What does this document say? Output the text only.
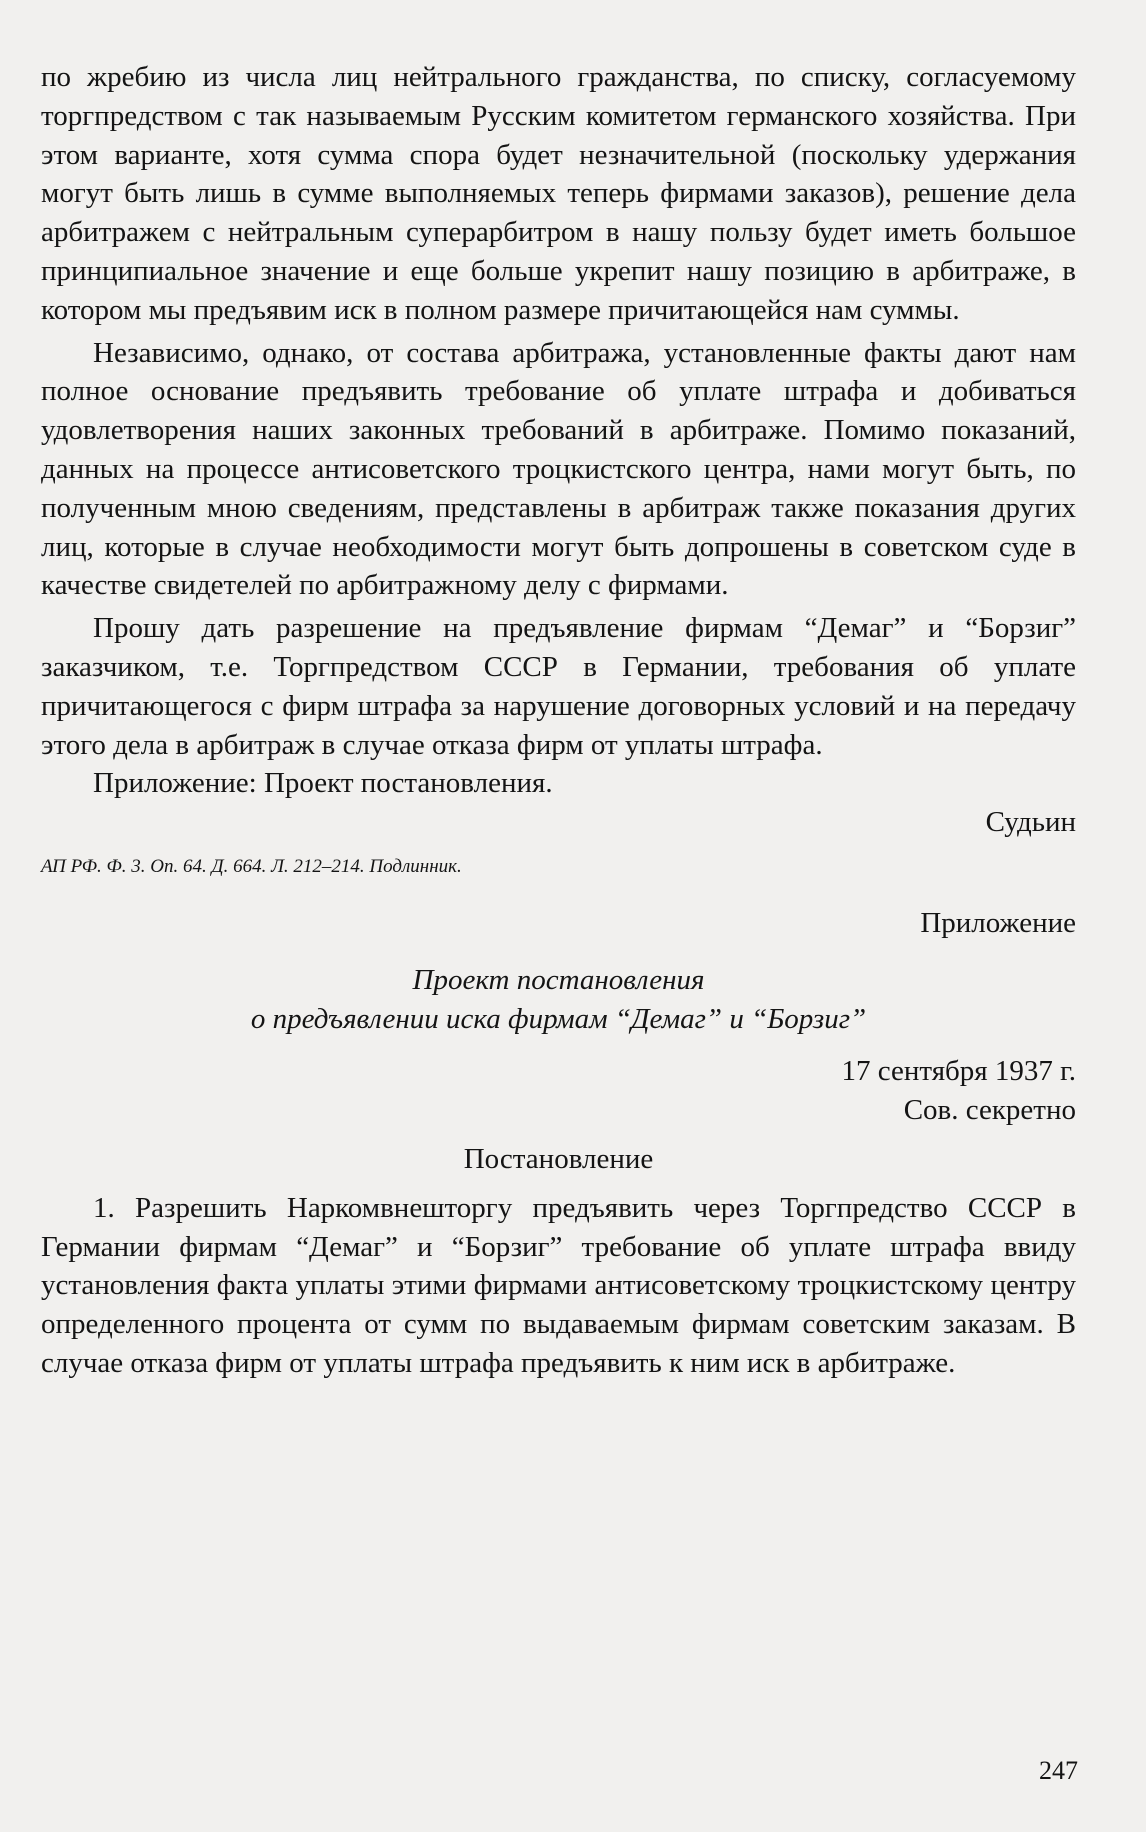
по жребию из числа лиц нейтрального гражданства, по списку, согласуемому торгпредством с так называемым Русским комитетом германского хозяйства. При этом варианте, хотя сумма спора будет незначительной (поскольку удержания могут быть лишь в сумме выполняемых теперь фирмами заказов), решение дела арбитражем с нейтральным суперарбитром в нашу пользу будет иметь большое принципиальное значение и еще больше укрепит нашу позицию в арбитраже, в котором мы предъявим иск в полном размере причитающейся нам суммы.

Независимо, однако, от состава арбитража, установленные факты дают нам полное основание предъявить требование об уплате штрафа и добиваться удовлетворения наших законных требований в арбитраже. Помимо показаний, данных на процессе антисоветского троцкистского центра, нами могут быть, по полученным мною сведениям, представлены в арбитраж также показания других лиц, которые в случае необходимости могут быть допрошены в советском суде в качестве свидетелей по арбитражному делу с фирмами.

Прошу дать разрешение на предъявление фирмам “Демаг” и “Борзиг” заказчиком, т.е. Торгпредством СССР в Германии, требования об уплате причитающегося с фирм штрафа за нарушение договорных условий и на передачу этого дела в арбитраж в случае отказа фирм от уплаты штрафа.

Приложение: Проект постановления.

Судьин

АП РФ. Ф. 3. Оп. 64. Д. 664. Л. 212–214. Подлинник.

Приложение

Проект постановления

о предъявлении иска фирмам “Демаг” и “Борзиг”

17 сентября 1937 г.

Сов. секретно

Постановление

1. Разрешить Наркомвнешторгу предъявить через Торгпредство СССР в Германии фирмам “Демаг” и “Борзиг” требование об уплате штрафа ввиду установления факта уплаты этими фирмами антисоветскому троцкистскому центру определенного процента от сумм по выдаваемым фирмам советским заказам. В случае отказа фирм от уплаты штрафа предъявить к ним иск в арбитраже.

247
